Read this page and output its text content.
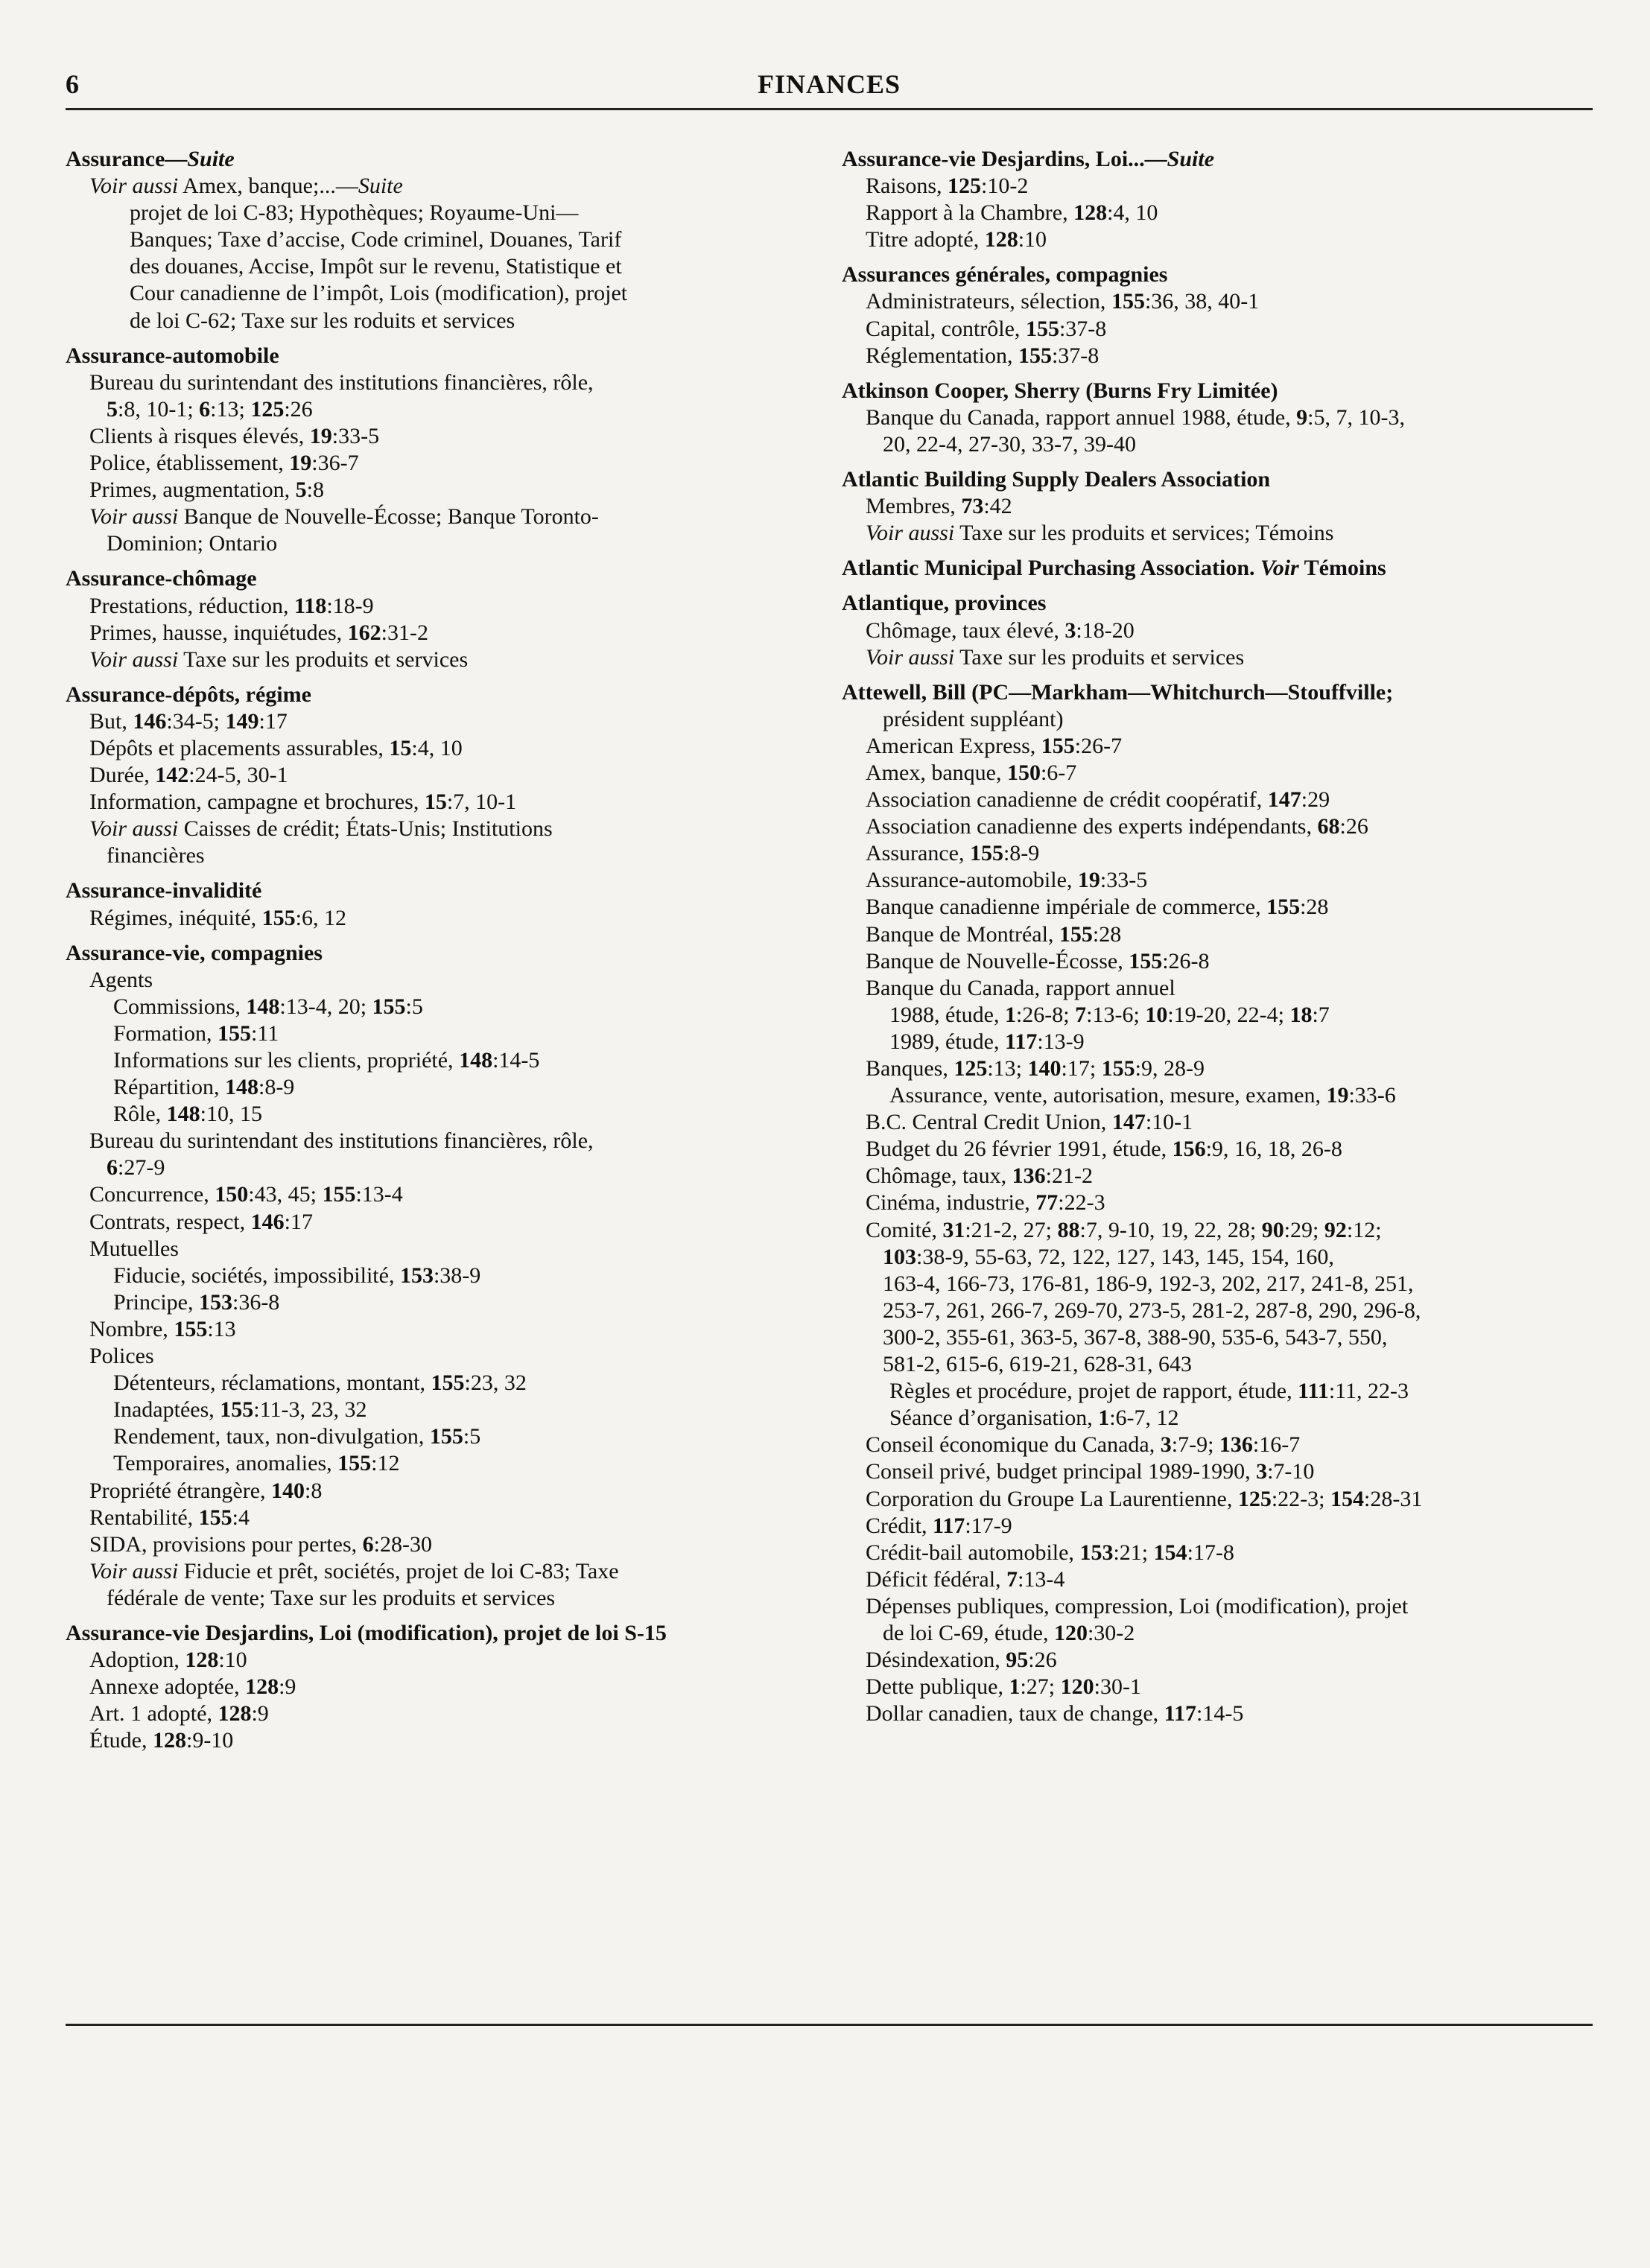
6	FINANCES
Assurance—Suite
Voir aussi Amex, banque;...—Suite
projet de loi C-83; Hypothèques; Royaume-Uni—
Banques; Taxe d’accise, Code criminel, Douanes, Tarif
des douanes, Accise, Impôt sur le revenu, Statistique et
Cour canadienne de l’impôt, Lois (modification), projet
de loi C-62; Taxe sur les roduits et services
Assurance-automobile
Bureau du surintendant des institutions financières, rôle,
5:8, 10-1; 6:13; 125:26
Clients à risques élevés, 19:33-5
Police, établissement, 19:36-7
Primes, augmentation, 5:8
Voir aussi Banque de Nouvelle-Écosse; Banque Toronto-
Dominion; Ontario
Assurance-chômage
Prestations, réduction, 118:18-9
Primes, hausse, inquiétudes, 162:31-2
Voir aussi Taxe sur les produits et services
Assurance-dépôts, régime
But, 146:34-5; 149:17
Dépôts et placements assurables, 15:4, 10
Durée, 142:24-5, 30-1
Information, campagne et brochures, 15:7, 10-1
Voir aussi Caisses de crédit; États-Unis; Institutions
financières
Assurance-invalidité
Régimes, inéquité, 155:6, 12
Assurance-vie, compagnies
Agents
Commissions, 148:13-4, 20; 155:5
Formation, 155:11
Informations sur les clients, propriété, 148:14-5
Répartition, 148:8-9
Rôle, 148:10, 15
Bureau du surintendant des institutions financières, rôle,
6:27-9
Concurrence, 150:43, 45; 155:13-4
Contrats, respect, 146:17
Mutuelles
Fiducie, sociétés, impossibilité, 153:38-9
Principe, 153:36-8
Nombre, 155:13
Polices
Détenteurs, réclamations, montant, 155:23, 32
Inadaptées, 155:11-3, 23, 32
Rendement, taux, non-divulgation, 155:5
Temporaires, anomalies, 155:12
Propriété étrangère, 140:8
Rentabilité, 155:4
SIDA, provisions pour pertes, 6:28-30
Voir aussi Fiducie et prêt, sociétés, projet de loi C-83; Taxe
fédérale de vente; Taxe sur les produits et services
Assurance-vie Desjardins, Loi (modification), projet de loi S-15
Adoption, 128:10
Annexe adoptée, 128:9
Art. 1 adopté, 128:9
Étude, 128:9-10
Assurance-vie Desjardins, Loi...—Suite
Raisons, 125:10-2
Rapport à la Chambre, 128:4, 10
Titre adopté, 128:10
Assurances générales, compagnies
Administrateurs, sélection, 155:36, 38, 40-1
Capital, contrôle, 155:37-8
Réglementation, 155:37-8
Atkinson Cooper, Sherry (Burns Fry Limitée)
Banque du Canada, rapport annuel 1988, étude, 9:5, 7, 10-3,
20, 22-4, 27-30, 33-7, 39-40
Atlantic Building Supply Dealers Association
Membres, 73:42
Voir aussi Taxe sur les produits et services; Témoins
Atlantic Municipal Purchasing Association. Voir Témoins
Atlantique, provinces
Chômage, taux élevé, 3:18-20
Voir aussi Taxe sur les produits et services
Attewell, Bill (PC—Markham—Whitchurch—Stouffville;
président suppléant)
American Express, 155:26-7
Amex, banque, 150:6-7
Association canadienne de crédit coopératif, 147:29
Association canadienne des experts indépendants, 68:26
Assurance, 155:8-9
Assurance-automobile, 19:33-5
Banque canadienne impériale de commerce, 155:28
Banque de Montréal, 155:28
Banque de Nouvelle-Écosse, 155:26-8
Banque du Canada, rapport annuel
1988, étude, 1:26-8; 7:13-6; 10:19-20, 22-4; 18:7
1989, étude, 117:13-9
Banques, 125:13; 140:17; 155:9, 28-9
Assurance, vente, autorisation, mesure, examen, 19:33-6
B.C. Central Credit Union, 147:10-1
Budget du 26 février 1991, étude, 156:9, 16, 18, 26-8
Chômage, taux, 136:21-2
Cinéma, industrie, 77:22-3
Comité, 31:21-2, 27; 88:7, 9-10, 19, 22, 28; 90:29; 92:12;
103:38-9, 55-63, 72, 122, 127, 143, 145, 154, 160,
163-4, 166-73, 176-81, 186-9, 192-3, 202, 217, 241-8, 251,
253-7, 261, 266-7, 269-70, 273-5, 281-2, 287-8, 290, 296-8,
300-2, 355-61, 363-5, 367-8, 388-90, 535-6, 543-7, 550,
581-2, 615-6, 619-21, 628-31, 643
Règles et procédure, projet de rapport, étude, 111:11, 22-3
Séance d’organisation, 1:6-7, 12
Conseil économique du Canada, 3:7-9; 136:16-7
Conseil privé, budget principal 1989-1990, 3:7-10
Corporation du Groupe La Laurentienne, 125:22-3; 154:28-31
Crédit, 117:17-9
Crédit-bail automobile, 153:21; 154:17-8
Déficit fédéral, 7:13-4
Dépenses publiques, compression, Loi (modification), projet
de loi C-69, étude, 120:30-2
Désindexation, 95:26
Dette publique, 1:27; 120:30-1
Dollar canadien, taux de change, 117:14-5
